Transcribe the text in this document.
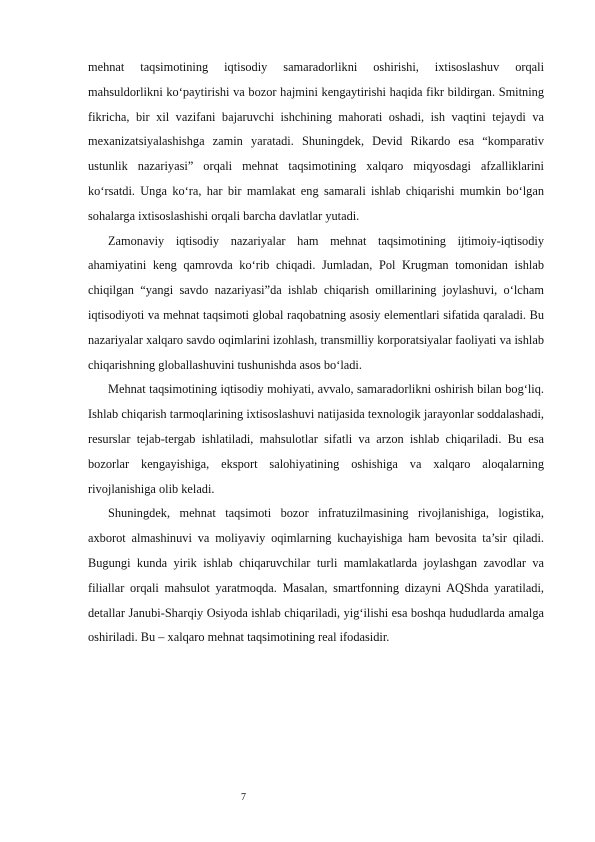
mehnat taqsimotining iqtisodiy samaradorlikni oshirishi, ixtisoslashuv orqali mahsuldorlikni ko‘paytirishi va bozor hajmini kengaytirishi haqida fikr bildirgan. Smitning fikricha, bir xil vazifani bajaruvchi ishchining mahorati oshadi, ish vaqtini tejaydi va mexanizatsiyalashishga zamin yaratadi. Shuningdek, Devid Rikardo esa “komparativ ustunlik nazariyasi” orqali mehnat taqsimotining xalqaro miqyosdagi afzalliklarini ko‘rsatdi. Unga ko‘ra, har bir mamlakat eng samarali ishlab chiqarishi mumkin bo‘lgan sohalarga ixtisoslashishi orqali barcha davlatlar yutadi.

Zamonaviy iqtisodiy nazariyalar ham mehnat taqsimotining ijtimoiy-iqtisodiy ahamiyatini keng qamrovda ko‘rib chiqadi. Jumladan, Pol Krugman tomonidan ishlab chiqilgan “yangi savdo nazariyasi”da ishlab chiqarish omillarining joylashuvi, o‘lcham iqtisodiyoti va mehnat taqsimoti global raqobatning asosiy elementlari sifatida qaraladi. Bu nazariyalar xalqaro savdo oqimlarini izohlash, transmilliy korporatsiyalar faoliyati va ishlab chiqarishning globallashuvini tushunishda asos bo‘ladi.

Mehnat taqsimotining iqtisodiy mohiyati, avvalo, samaradorlikni oshirish bilan bog‘liq. Ishlab chiqarish tarmoqlarining ixtisoslashuvi natijasida texnologik jarayonlar soddalashadi, resurslar tejab-tergab ishlatiladi, mahsulotlar sifatli va arzon ishlab chiqariladi. Bu esa bozorlar kengayishiga, eksport salohiyatining oshishiga va xalqaro aloqalarning rivojlanishiga olib keladi.

Shuningdek, mehnat taqsimoti bozor infratuzilmasining rivojlanishiga, logistika, axborot almashinuvi va moliyaviy oqimlarning kuchayishiga ham bevosita ta’sir qiladi. Bugungi kunda yirik ishlab chiqaruvchilar turli mamlakatlarda joylashgan zavodlar va filiallar orqali mahsulot yaratmoqda. Masalan, smartfonning dizayni AQShda yaratiladi, detallar Janubi-Sharqiy Osiyoda ishlab chiqariladi, yig‘ilishi esa boshqa hududlarda amalga oshiriladi. Bu – xalqaro mehnat taqsimotining real ifodasidir.

7
